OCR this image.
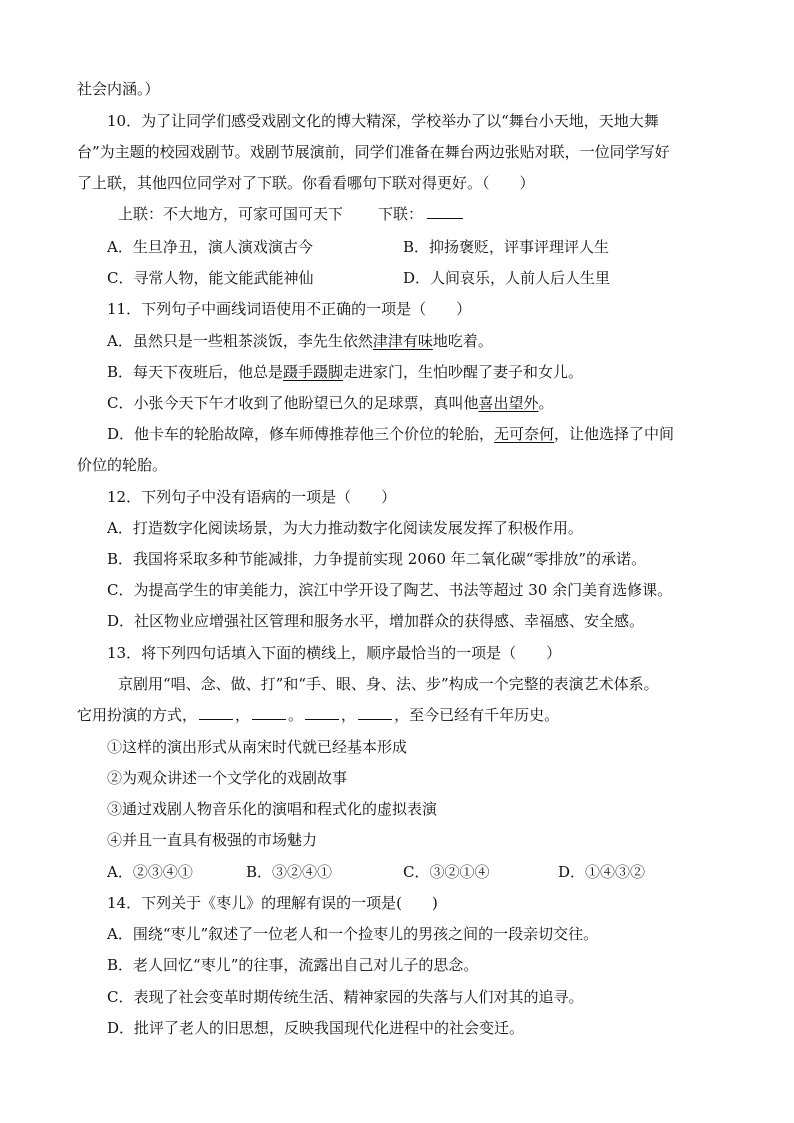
社会内涵。）
10．为了让同学们感受戏剧文化的博大精深，学校举办了以“舞台小天地，天地大舞
台”为主题的校园戏剧节。戏剧节展演前，同学们准备在舞台两边张贴对联，一位同学写好
了上联，其他四位同学对了下联。你看看哪句下联对得更好。（　　）
上联：不大地方，可家可国可天下 下联：
A．生旦净丑，演人演戏演古今	B．抑扬褒贬，评事评理评人生
C．寻常人物，能文能武能神仙	D．人间哀乐，人前人后人生里
11．下列句子中画线词语使用不正确的一项是（　　）
A．虽然只是一些粗茶淡饭，李先生依然津津有味地吃着。
B．每天下夜班后，他总是蹑手蹑脚走进家门，生怕吵醒了妻子和女儿。
C．小张今天下午才收到了他盼望已久的足球票，真叫他喜出望外。
D．他卡车的轮胎故障，修车师傅推荐他三个价位的轮胎，无可奈何，让他选择了中间
价位的轮胎。
12．下列句子中没有语病的一项是（　　）
A．打造数字化阅读场景，为大力推动数字化阅读发展发挥了积极作用。
B．我国将采取多种节能减排，力争提前实现 2060 年二氧化碳“零排放”的承诺。
C．为提高学生的审美能力，滨江中学开设了陶艺、书法等超过 30 余门美育选修课。
D．社区物业应增强社区管理和服务水平，增加群众的获得感、幸福感、安全感。
13．将下列四句话填入下面的横线上，顺序最恰当的一项是（　　）
京剧用“唱、念、做、打”和“手、眼、身、法、步”构成一个完整的表演艺术体系。
它用扮演的方式，	，	。	，	，至今已经有千年历史。
①这样的演出形式从南宋时代就已经基本形成
②为观众讲述一个文学化的戏剧故事
③通过戏剧人物音乐化的演唱和程式化的虚拟表演
④并且一直具有极强的市场魅力
A．②③④①	B．③②④①	C．③②①④	D．①④③②
14．下列关于《枣儿》的理解有误的一项是(　　)
A．围绕“枣儿”叙述了一位老人和一个捡枣儿的男孩之间的一段亲切交往。
B．老人回忆“枣儿”的往事，流露出自己对儿子的思念。
C．表现了社会变革时期传统生活、精神家园的失落与人们对其的追寻。
D．批评了老人的旧思想，反映我国现代化进程中的社会变迁。
